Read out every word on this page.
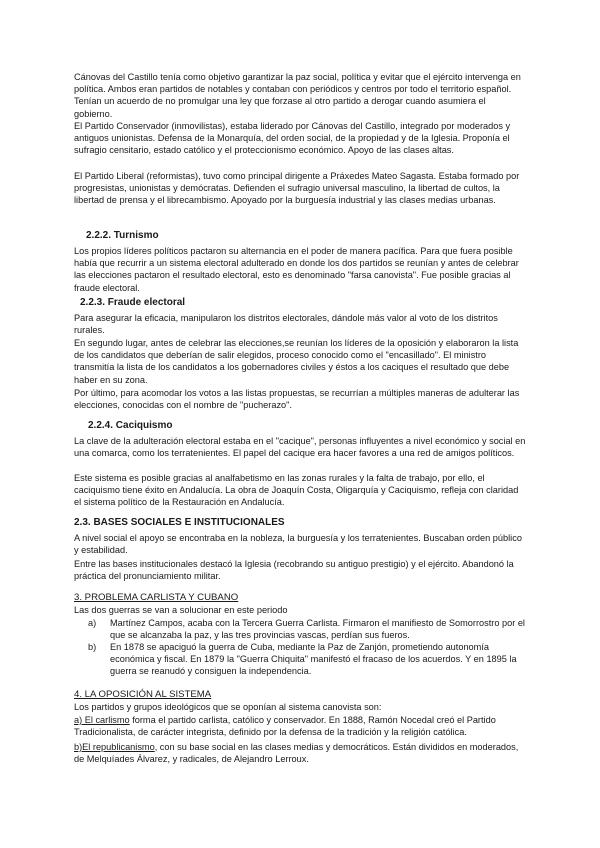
Cánovas del Castillo tenía como objetivo garantizar la paz social, política y evitar que el ejército intervenga en política. Ambos eran partidos de notables y contaban con periódicos y centros por todo el territorio español. Tenían un acuerdo de no promulgar una ley que forzase al otro partido a derogar cuando asumiera el gobierno.

El Partido Conservador (inmovilistas), estaba liderado por Cánovas del Castillo, integrado por moderados y antiguos unionistas. Defensa de la Monarquía, del orden social, de la propiedad y de la Iglesia. Proponía el sufragio censitario, estado católico y el proteccionismo económico. Apoyo de las clases altas.

El Partido Liberal (reformistas), tuvo como principal dirigente a Práxedes Mateo Sagasta. Estaba formado por progresistas, unionistas y demócratas. Defienden el sufragio universal masculino, la libertad de cultos, la libertad de prensa y el librecambismo. Apoyado por la burguesía industrial y las clases medias urbanas.

2.2.2. Turnismo

Los propios líderes políticos pactaron su alternancia en el poder de manera pacífica. Para que fuera posible había que recurrir a un sistema electoral adulterado en donde los dos partidos se reunían y antes de celebrar las elecciones pactaron el resultado electoral, esto es denominado "farsa canovista". Fue posible gracias al fraude electoral.

2.2.3. Fraude electoral

Para asegurar la eficacia, manipularon los distritos electorales, dándole más valor al voto de los distritos rurales.

En segundo lugar, antes de celebrar las elecciones,se reunían los líderes de la oposición y elaboraron la lista de los candidatos que deberían de salir elegidos, proceso conocido como el "encasillado". El ministro transmitía la lista de los candidatos a los gobernadores civiles y éstos a los caciques el resultado que debe haber en su zona.

Por último, para acomodar los votos a las listas propuestas, se recurrían a múltiples maneras de adulterar las elecciones, conocidas con el nombre de "pucherazo".

2.2.4. Caciquismo

La clave de la adulteración electoral estaba en el "cacique", personas influyentes a nivel económico y social en una comarca, como los terratenientes. El papel del cacique era hacer favores a una red de amigos políticos.

Este sistema es posible gracias al analfabetismo en las zonas rurales y la falta de trabajo, por ello, el caciquismo tiene éxito en Andalucía. La obra de Joaquín Costa, Oligarquía y Caciquismo, refleja con claridad el sistema político de la Restauración en Andalucía.

2.3. BASES SOCIALES E INSTITUCIONALES

A nivel social el apoyo se encontraba en la nobleza, la burguesía y los terratenientes. Buscaban orden público y estabilidad.

Entre las bases institucionales destacó la Iglesia (recobrando su antiguo prestigio) y el ejército. Abandonó la práctica del pronunciamiento militar.

3. PROBLEMA CARLISTA Y CUBANO

Las dos guerras se van a solucionar en este periodo

a) Martínez Campos, acaba con la Tercera Guerra Carlista. Firmaron el manifiesto de Somorrostro por el que se alcanzaba la paz, y las tres provincias vascas, perdían sus fueros.

b) En 1878 se apaciguó la guerra de Cuba, mediante la Paz de Zanjón, prometiendo autonomía económica y fiscal. En 1879 la "Guerra Chiquita" manifestó el fracaso de los acuerdos. Y en 1895 la guerra se reanudó y consiguen la independencia.

4. LA OPOSICIÓN AL SISTEMA

Los partidos y grupos ideológicos que se oponían al sistema canovista son:

a) El carlismo forma el partido carlista, católico y conservador. En 1888, Ramón Nocedal creó el Partido Tradicionalista, de carácter integrista, definido por la defensa de la tradición y la religión católica.

b)El republicanismo, con su base social en las clases medias y democráticos. Están divididos en moderados, de Melquíades Álvarez, y radicales, de Alejandro Lerroux.
